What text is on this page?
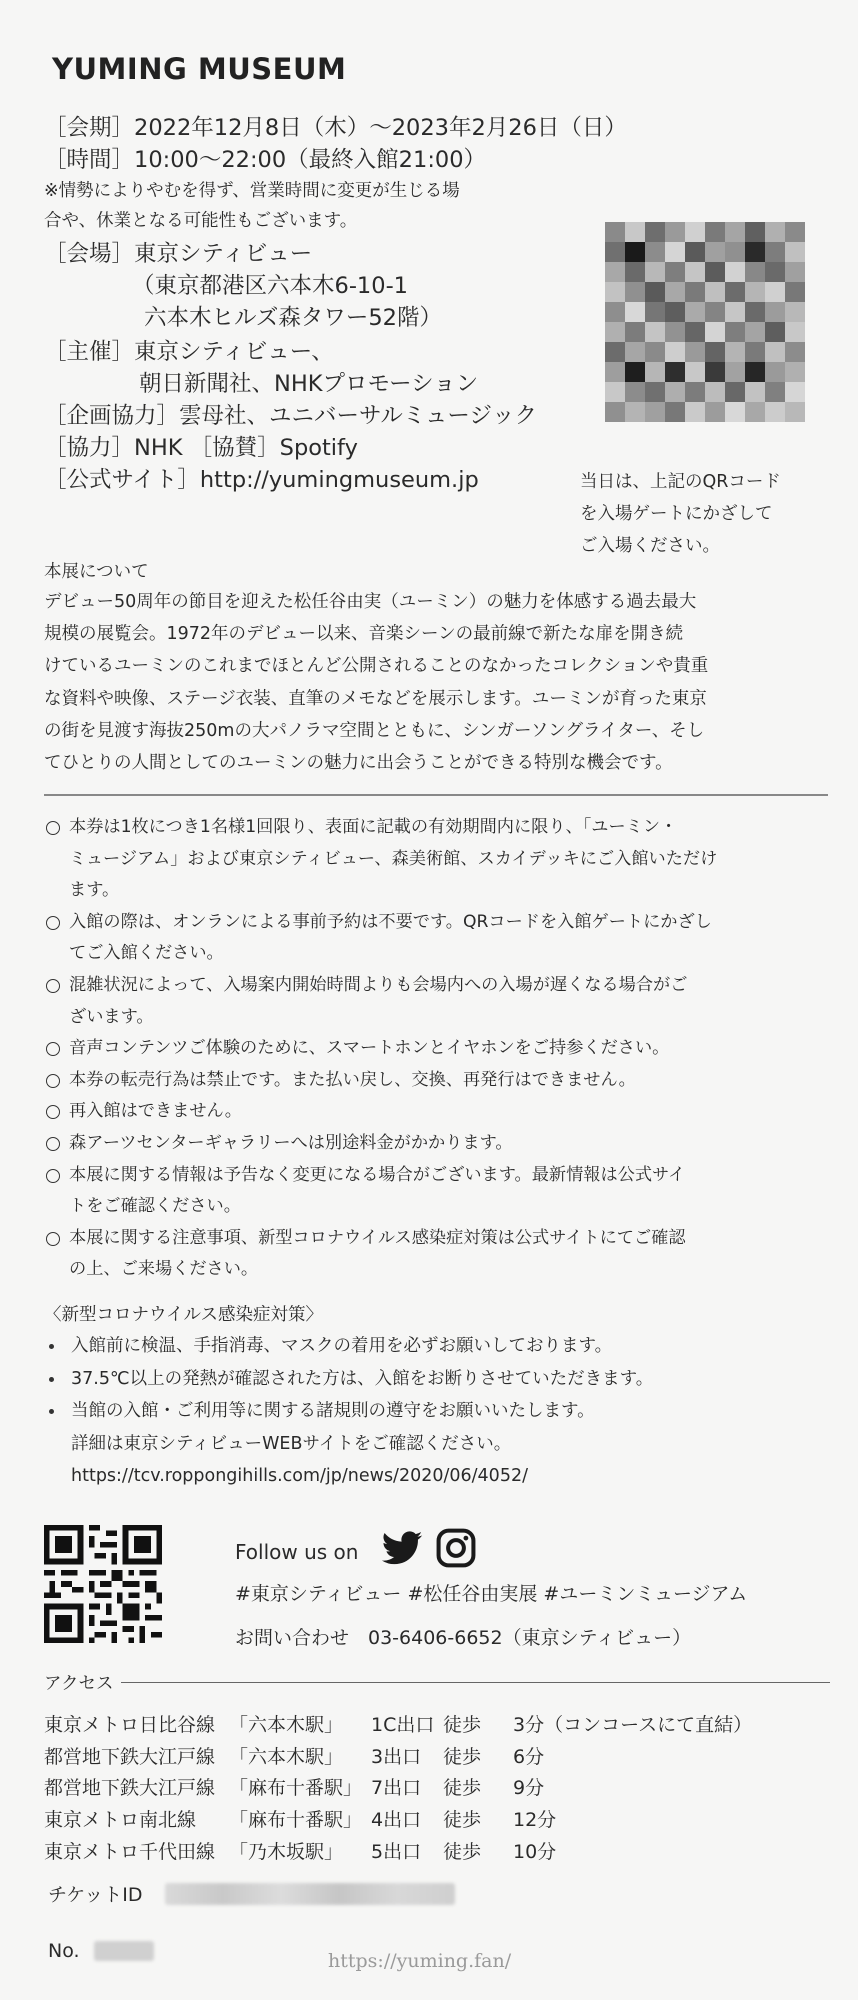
YUMING MUSEUM
［会期］2022年12月8日（木）～2023年2月26日（日）
［時間］10:00～22:00（最終入館21:00）
※情勢によりやむを得ず、営業時間に変更が生じる場
合や、休業となる可能性もございます。
［会場］東京シティビュー
（東京都港区六本木6-10-1
六本木ヒルズ森タワー52階）
［主催］東京シティビュー、
朝日新聞社、NHKプロモーション
［企画協力］雲母社、ユニバーサルミュージック
［協力］NHK ［協賛］Spotify
［公式サイト］http://yumingmuseum.jp	当日は、上記のQRコード
を入場ゲートにかざして
ご入場ください。
本展について
デビュー50周年の節目を迎えた松任谷由実（ユーミン）の魅力を体感する過去最大
規模の展覧会。1972年のデビュー以来、音楽シーンの最前線で新たな扉を開き続
けているユーミンのこれまでほとんど公開されることのなかったコレクションや貴重
な資料や映像、ステージ衣装、直筆のメモなどを展示します。ユーミンが育った東京
の街を見渡す海抜250mの大パノラマ空間とともに、シンガーソングライター、そし
てひとりの人間としてのユーミンの魅力に出会うことができる特別な機会です。
本券は1枚につき1名様1回限り、表面に記載の有効期間内に限り、「ユーミン・
ミュージアム」および東京シティビュー、森美術館、スカイデッキにご入館いただけ
ます。
入館の際は、オンランによる事前予約は不要です。QRコードを入館ゲートにかざし
てご入館ください。
混雑状況によって、入場案内開始時間よりも会場内への入場が遅くなる場合がご
ざいます。
音声コンテンツご体験のために、スマートホンとイヤホンをご持参ください。
本券の転売行為は禁止です。また払い戻し、交換、再発行はできません。
再入館はできません。
森アーツセンターギャラリーへは別途料金がかかります。
本展に関する情報は予告なく変更になる場合がございます。最新情報は公式サイ
トをご確認ください。
本展に関する注意事項、新型コロナウイルス感染症対策は公式サイトにてご確認
の上、ご来場ください。
〈新型コロナウイルス感染症対策〉
入館前に検温、手指消毒、マスクの着用を必ずお願いしております。
37.5℃以上の発熱が確認された方は、入館をお断りさせていただきます。
当館の入館・ご利用等に関する諸規則の遵守をお願いいたします。
詳細は東京シティビューWEBサイトをご確認ください。
https://tcv.roppongihills.com/jp/news/2020/06/4052/
Follow us on
#東京シティビュー #松任谷由実展 #ユーミンミュージアム
お問い合わせ　03-6406-6652（東京シティビュー）
アクセス
東京メトロ日比谷線	「六本木駅」	1C出口	徒歩	3分（コンコースにて直結）
都営地下鉄大江戸線	「六本木駅」	3出口	徒歩	6分
都営地下鉄大江戸線	「麻布十番駅」	7出口	徒歩	9分
東京メトロ南北線	「麻布十番駅」	4出口	徒歩	12分
東京メトロ千代田線	「乃木坂駅」	5出口	徒歩	10分
チケットID
No.	https://yuming.fan/
